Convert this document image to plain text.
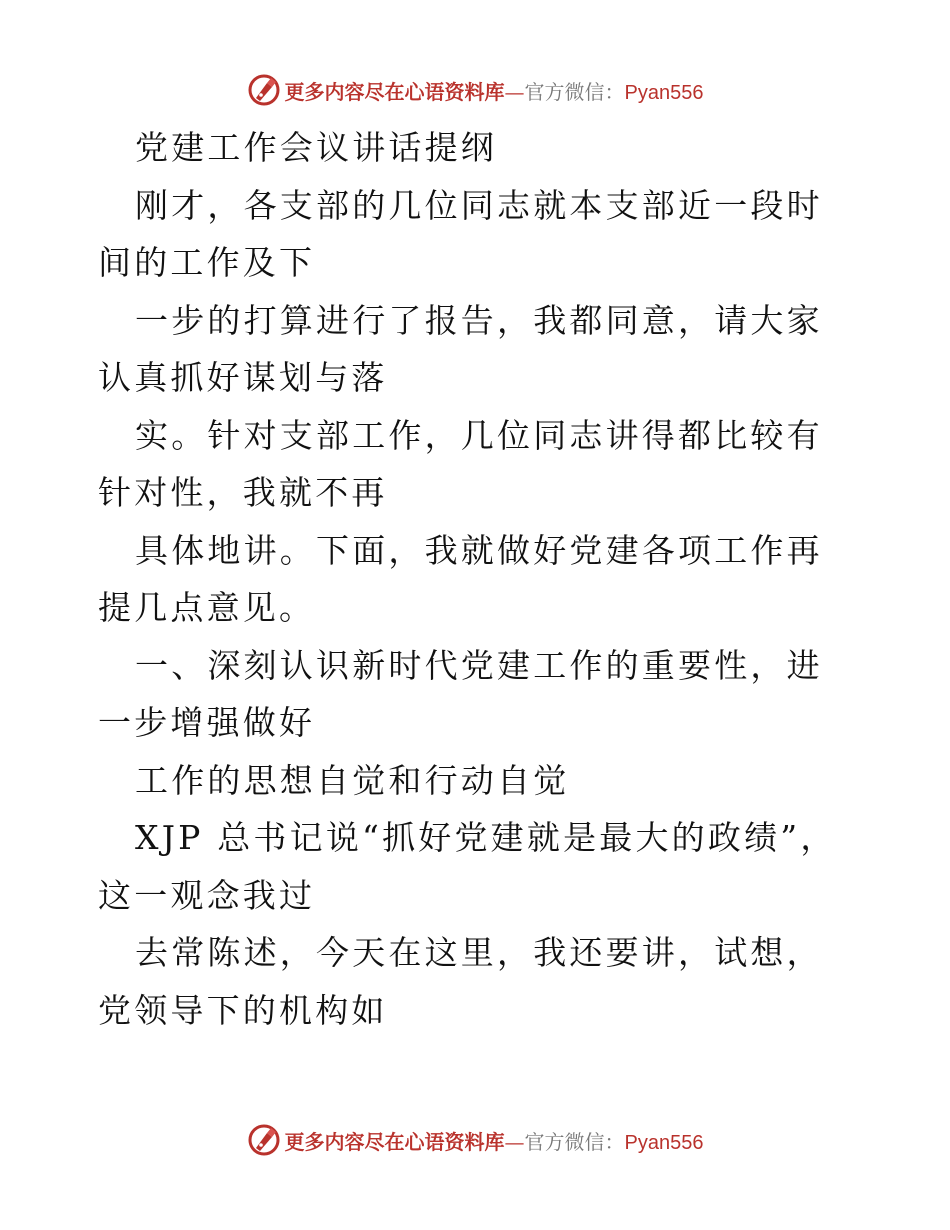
更多内容尽在心语资料库—官方微信：Pyan556

党建工作会议讲话提纲

刚才，各支部的几位同志就本支部近一段时间的工作及下

一步的打算进行了报告，我都同意，请大家认真抓好谋划与落

实。针对支部工作，几位同志讲得都比较有针对性，我就不再

具体地讲。下面，我就做好党建各项工作再提几点意见。

一、深刻认识新时代党建工作的重要性，进一步增强做好

工作的思想自觉和行动自觉

XJP 总书记说“抓好党建就是最大的政绩”，这一观念我过

去常陈述，今天在这里，我还要讲，试想，党领导下的机构如

更多内容尽在心语资料库—官方微信：Pyan556
